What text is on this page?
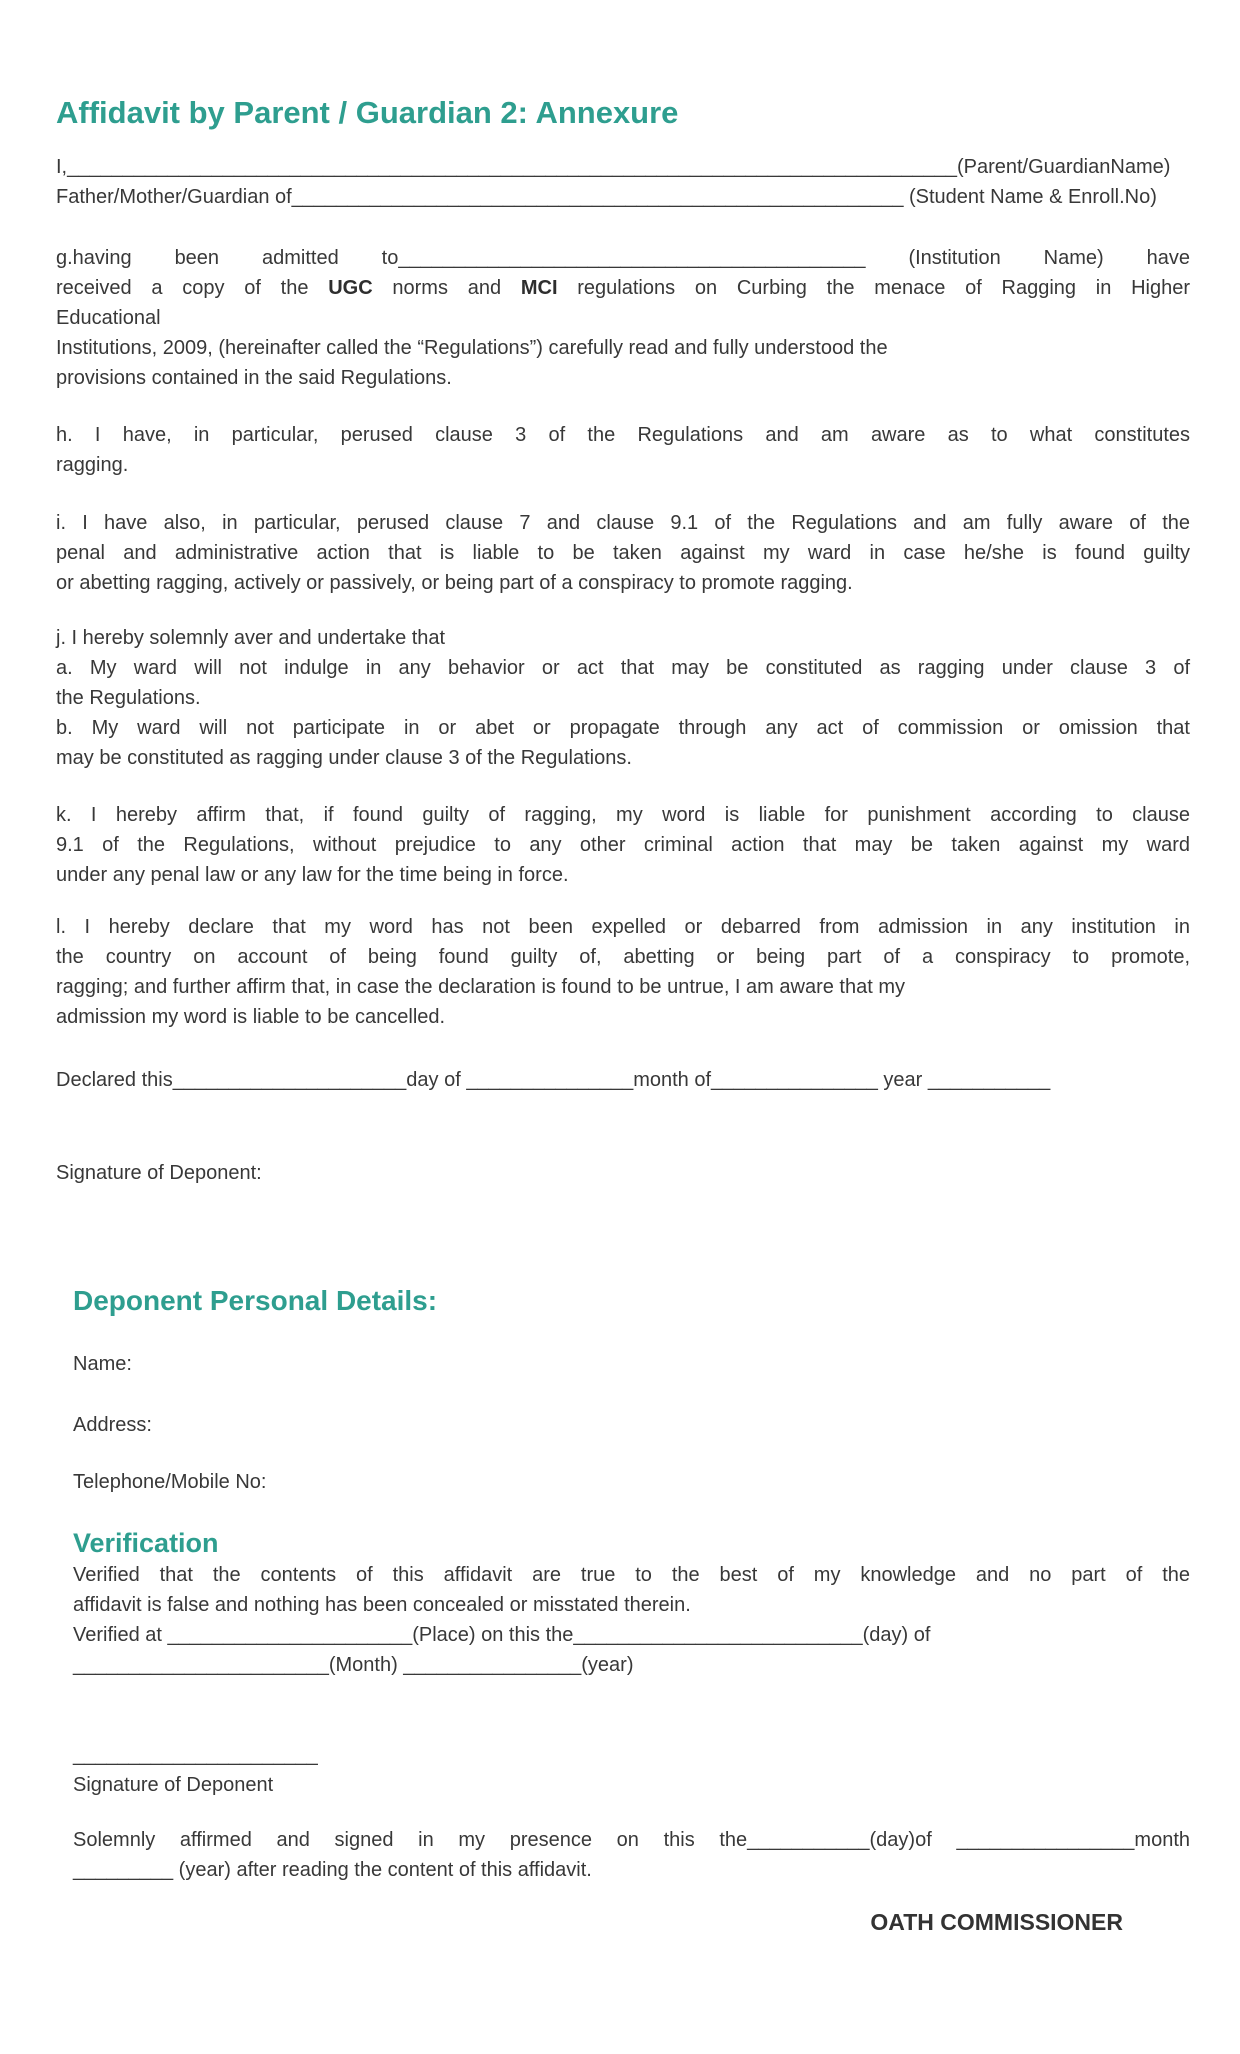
Affidavit by Parent / Guardian 2: Annexure
I,________________________________________________________________________________(Parent/GuardianName)
Father/Mother/Guardian of_______________________________________________________ (Student Name & Enroll.No)
g.having been admitted to__________________________________________ (Institution Name) have
received a copy of the UGC norms and MCI regulations on Curbing the menace of Ragging in Higher
Educational
Institutions, 2009, (hereinafter called the “Regulations”) carefully read and fully understood the
provisions contained in the said Regulations.
h. I have, in particular, perused clause 3 of the Regulations and am aware as to what constitutes
ragging.
i. I have also, in particular, perused clause 7 and clause 9.1 of the Regulations and am fully aware of the
penal and administrative action that is liable to be taken against my ward in case he/she is found guilty
or abetting ragging, actively or passively, or being part of a conspiracy to promote ragging.
j. I hereby solemnly aver and undertake that
a. My ward will not indulge in any behavior or act that may be constituted as ragging under clause 3 of
the Regulations.
b. My ward will not participate in or abet or propagate through any act of commission or omission that
may be constituted as ragging under clause 3 of the Regulations.
k. I hereby affirm that, if found guilty of ragging, my word is liable for punishment according to clause
9.1 of the Regulations, without prejudice to any other criminal action that may be taken against my ward
under any penal law or any law for the time being in force.
l. I hereby declare that my word has not been expelled or debarred from admission in any institution in
the country on account of being found guilty of, abetting or being part of a conspiracy to promote,
ragging; and further affirm that, in case the declaration is found to be untrue, I am aware that my
admission my word is liable to be cancelled.
Declared this_____________________day of _______________month of_______________ year ___________
Signature of Deponent:
Deponent Personal Details:
Name:
Address:
Telephone/Mobile No:
Verification
Verified that the contents of this affidavit are true to the best of my knowledge and no part of the
affidavit is false and nothing has been concealed or misstated therein.
Verified at ______________________(Place) on this the__________________________(day) of
_______________________(Month) ________________(year)
______________________
Signature of Deponent
Solemnly affirmed and signed in my presence on this the___________(day)of ________________month
_________ (year) after reading the content of this affidavit.
OATH COMMISSIONER
